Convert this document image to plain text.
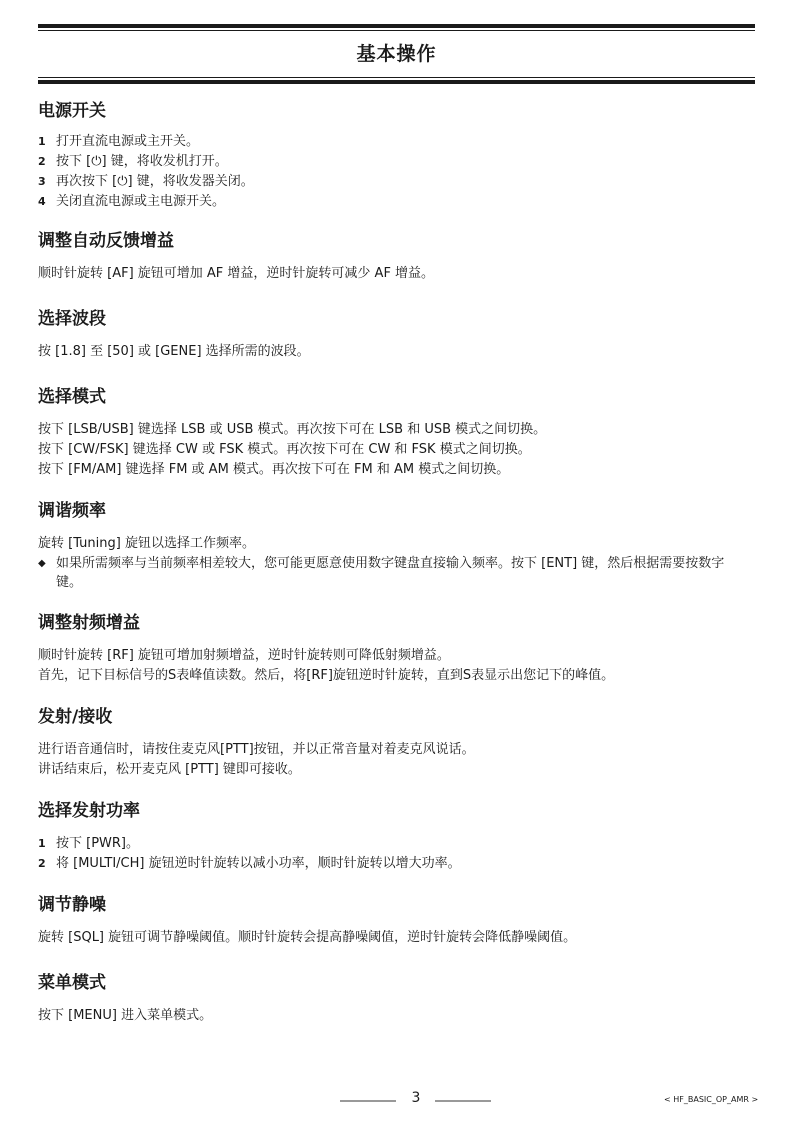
基本操作
电源开关
1 打开直流电源或主开关。
2 按下 [⏻] 键，将收发机打开。
3 再次按下 [⏻] 键，将收发器关闭。
4 关闭直流电源或主电源开关。
调整自动反馈增益
顺时针旋转 [AF] 旋钮可增加 AF 增益，逆时针旋转可减少 AF 增益。
选择波段
按 [1.8] 至 [50] 或 [GENE] 选择所需的波段。
选择模式
按下 [LSB/USB] 键选择 LSB 或 USB 模式。再次按下可在 LSB 和 USB 模式之间切换。
按下 [CW/FSK] 键选择 CW 或 FSK 模式。再次按下可在 CW 和 FSK 模式之间切换。
按下 [FM/AM] 键选择 FM 或 AM 模式。再次按下可在 FM 和 AM 模式之间切换。
调谐频率
旋转 [Tuning] 旋钮以选择工作频率。
◆ 如果所需频率与当前频率相差较大，您可能更愿意使用数字键盘直接输入频率。按下 [ENT] 键，然后根据需要按数字键。
调整射频增益
顺时针旋转 [RF] 旋钮可增加射频增益，逆时针旋转则可降低射频增益。
首先，记下目标信号的S表峰值读数。然后，将[RF]旋钮逆时针旋转，直到S表显示出您记下的峰值。
发射/接收
进行语音通信时，请按住麦克风[PTT]按钮，并以正常音量对着麦克风说话。
讲话结束后，松开麦克风 [PTT] 键即可接收。
选择发射功率
1 按下 [PWR]。
2 将 [MULTI/CH] 旋钮逆时针旋转以减小功率，顺时针旋转以增大功率。
调节静噪
旋转 [SQL] 旋钮可调节静噪阈值。顺时针旋转会提高静噪阈值，逆时针旋转会降低静噪阈值。
菜单模式
按下 [MENU] 进入菜单模式。
3	< HF_BASIC_OP_AMR >
